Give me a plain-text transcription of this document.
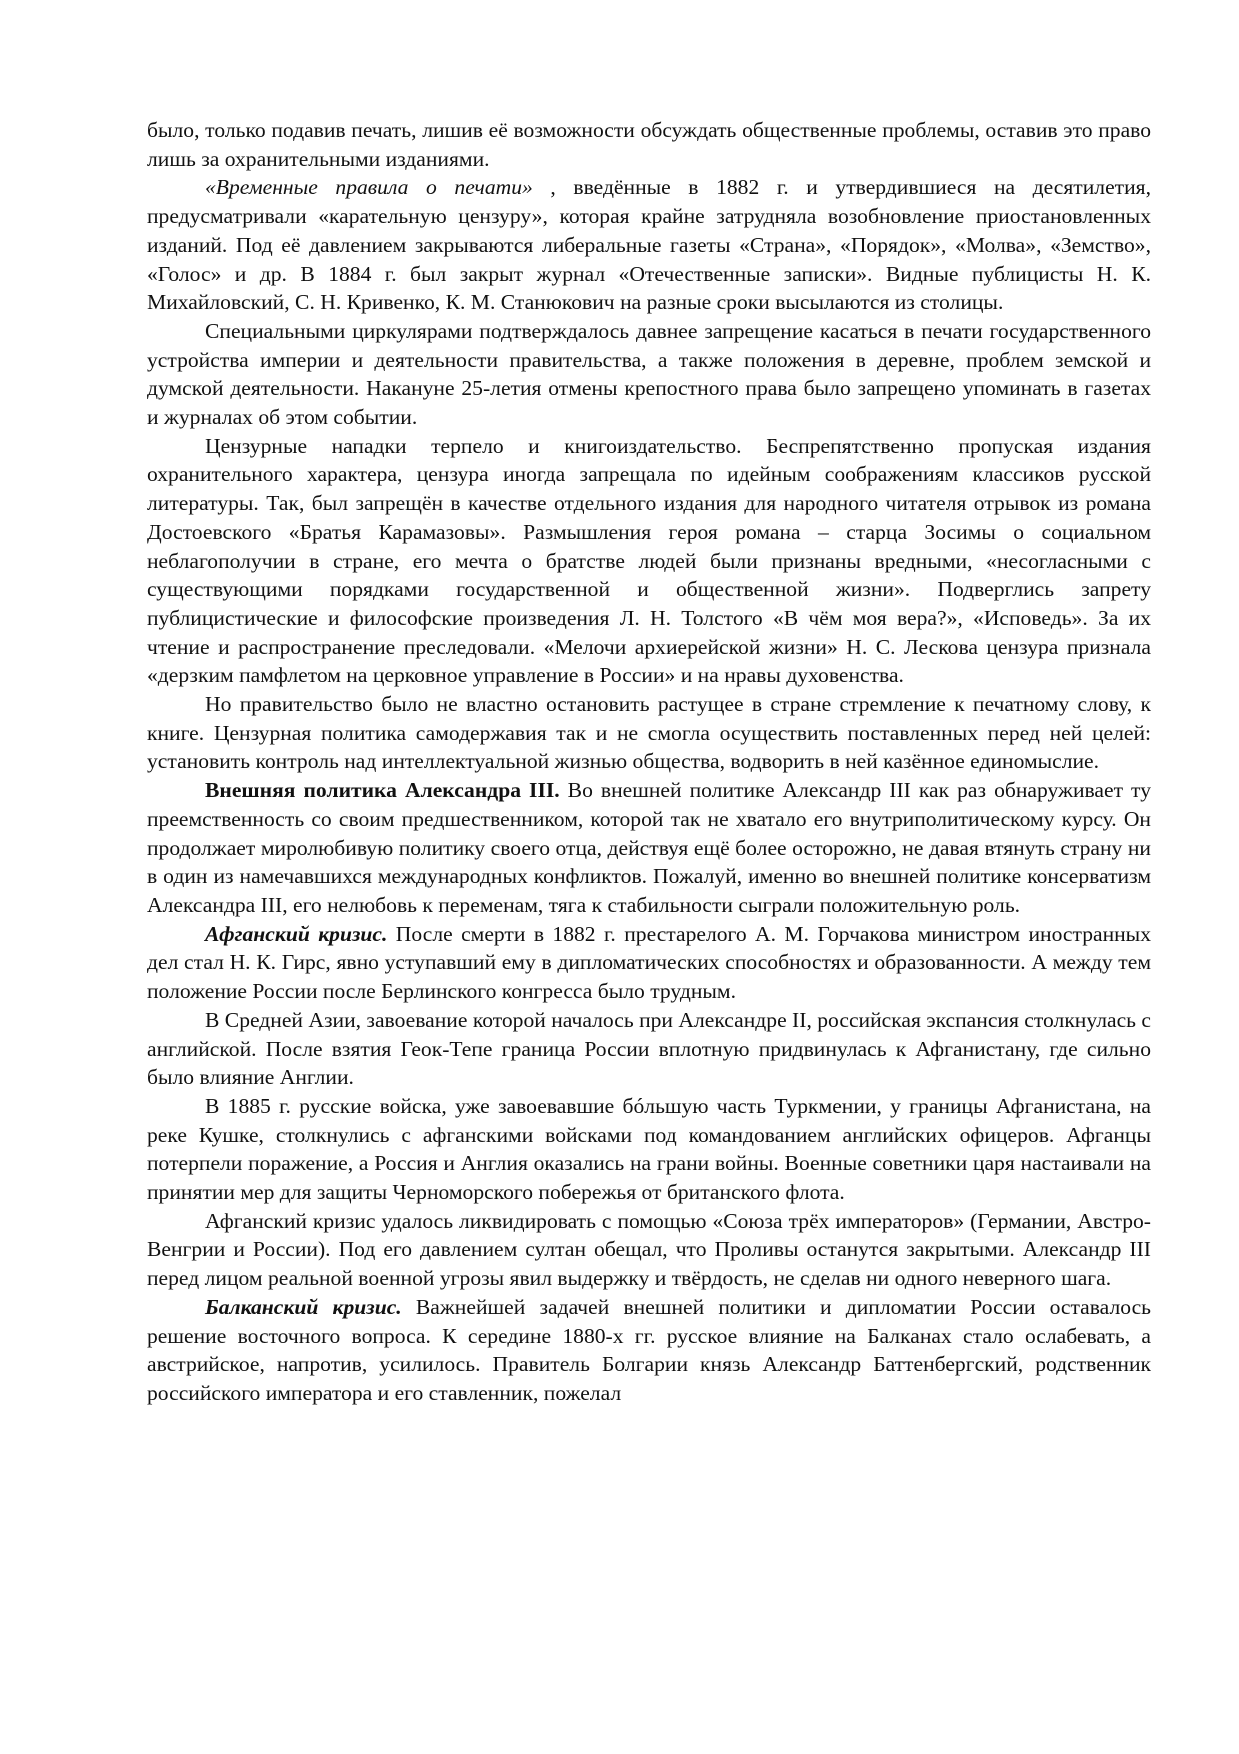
было, только подавив печать, лишив её возможности обсуждать общественные проблемы, оставив это право лишь за охранительными изданиями.

«Временные правила о печати» , введённые в 1882 г. и утвердившиеся на десятилетия, предусматривали «карательную цензуру», которая крайне затрудняла возобновление приостановленных изданий. Под её давлением закрываются либеральные газеты «Страна», «Порядок», «Молва», «Земство», «Голос» и др. В 1884 г. был закрыт журнал «Отечественные записки». Видные публицисты Н. К. Михайловский, С. Н. Кривенко, К. М. Станюкович на разные сроки высылаются из столицы.

Специальными циркулярами подтверждалось давнее запрещение касаться в печати государственного устройства империи и деятельности правительства, а также положения в деревне, проблем земской и думской деятельности. Накануне 25-летия отмены крепостного права было запрещено упоминать в газетах и журналах об этом событии.

Цензурные нападки терпело и книгоиздательство. Беспрепятственно пропуская издания охранительного характера, цензура иногда запрещала по идейным соображениям классиков русской литературы. Так, был запрещён в качестве отдельного издания для народного читателя отрывок из романа Достоевского «Братья Карамазовы». Размышления героя романа – старца Зосимы о социальном неблагополучии в стране, его мечта о братстве людей были признаны вредными, «несогласными с существующими порядками государственной и общественной жизни». Подверглись запрету публицистические и философские произведения Л. Н. Толстого «В чём моя вера?», «Исповедь». За их чтение и распространение преследовали. «Мелочи архиерейской жизни» Н. С. Лескова цензура признала «дерзким памфлетом на церковное управление в России» и на нравы духовенства.

Но правительство было не властно остановить растущее в стране стремление к печатному слову, к книге. Цензурная политика самодержавия так и не смогла осуществить поставленных перед ней целей: установить контроль над интеллектуальной жизнью общества, водворить в ней казённое единомыслие.

Внешняя политика Александра III. Во внешней политике Александр III как раз обнаруживает ту преемственность со своим предшественником, которой так не хватало его внутриполитическому курсу. Он продолжает миролюбивую политику своего отца, действуя ещё более осторожно, не давая втянуть страну ни в один из намечавшихся международных конфликтов. Пожалуй, именно во внешней политике консерватизм Александра III, его нелюбовь к переменам, тяга к стабильности сыграли положительную роль.

Афганский кризис. После смерти в 1882 г. престарелого А. М. Горчакова министром иностранных дел стал Н. К. Гирс, явно уступавший ему в дипломатических способностях и образованности. А между тем положение России после Берлинского конгресса было трудным.

В Средней Азии, завоевание которой началось при Александре II, российская экспансия столкнулась с английской. После взятия Геок-Тепе граница России вплотную придвинулась к Афганистану, где сильно было влияние Англии.

В 1885 г. русские войска, уже завоевавшие бóльшую часть Туркмении, у границы Афганистана, на реке Кушке, столкнулись с афганскими войсками под командованием английских офицеров. Афганцы потерпели поражение, а Россия и Англия оказались на грани войны. Военные советники царя настаивали на принятии мер для защиты Черноморского побережья от британского флота.

Афганский кризис удалось ликвидировать с помощью «Союза трёх императоров» (Германии, Австро-Венгрии и России). Под его давлением султан обещал, что Проливы останутся закрытыми. Александр III перед лицом реальной военной угрозы явил выдержку и твёрдость, не сделав ни одного неверного шага.

Балканский кризис. Важнейшей задачей внешней политики и дипломатии России оставалось решение восточного вопроса. К середине 1880-х гг. русское влияние на Балканах стало ослабевать, а австрийское, напротив, усилилось. Правитель Болгарии князь Александр Баттенбергский, родственник российского императора и его ставленник, пожелал
